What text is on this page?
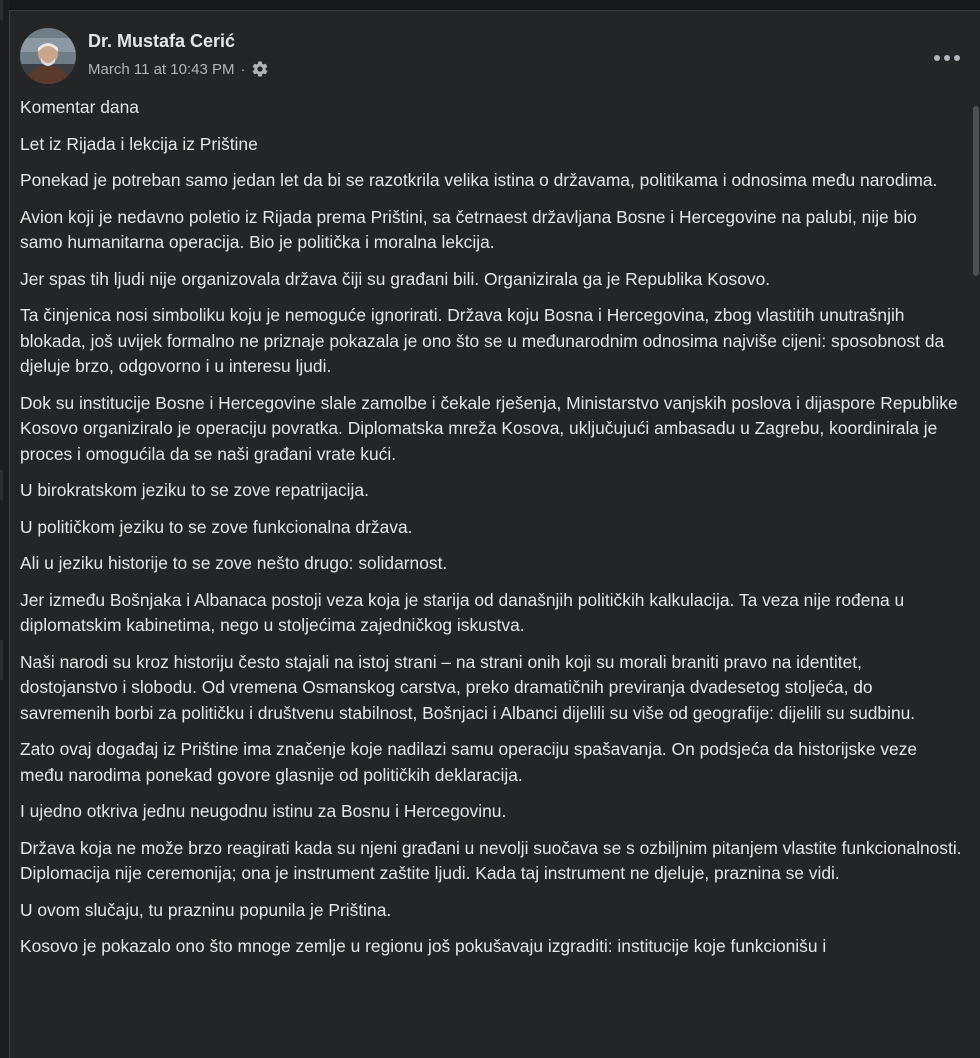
Dr. Mustafa Cerić
March 11 at 10:43 PM ·

Komentar dana

Let iz Rijada i lekcija iz Prištine

Ponekad je potreban samo jedan let da bi se razotkrila velika istina o državama, politikama i odnosima među narodima.

Avion koji je nedavno poletio iz Rijada prema Prištini, sa četrnaest državljana Bosne i Hercegovine na palubi, nije bio samo humanitarna operacija. Bio je politička i moralna lekcija.

Jer spas tih ljudi nije organizovala država čiji su građani bili. Organizirala ga je Republika Kosovo.

Ta činjenica nosi simboliku koju je nemoguće ignorirati. Država koju Bosna i Hercegovina, zbog vlastitih unutrašnjih blokada, još uvijek formalno ne priznaje pokazala je ono što se u međunarodnim odnosima najviše cijeni: sposobnost da djeluje brzo, odgovorno i u interesu ljudi.

Dok su institucije Bosne i Hercegovine slale zamolbe i čekale rješenja, Ministarstvo vanjskih poslova i dijaspore Republike Kosovo organiziralo je operaciju povratka. Diplomatska mreža Kosova, uključujući ambasadu u Zagrebu, koordinirala je proces i omogućila da se naši građani vrate kući.

U birokratskom jeziku to se zove repatrijacija.

U političkom jeziku to se zove funkcionalna država.

Ali u jeziku historije to se zove nešto drugo: solidarnost.

Jer između Bošnjaka i Albanaca postoji veza koja je starija od današnjih političkih kalkulacija. Ta veza nije rođena u diplomatskim kabinetima, nego u stoljećima zajedničkog iskustva.

Naši narodi su kroz historiju često stajali na istoj strani – na strani onih koji su morali braniti pravo na identitet, dostojanstvo i slobodu. Od vremena Osmanskog carstva, preko dramatičnih previranja dvadesetog stoljeća, do savremenih borbi za političku i društvenu stabilnost, Bošnjaci i Albanci dijelili su više od geografije: dijelili su sudbinu.

Zato ovaj događaj iz Prištine ima značenje koje nadilazi samu operaciju spašavanja. On podsjeća da historijske veze među narodima ponekad govore glasnije od političkih deklaracija.

I ujedno otkriva jednu neugodnu istinu za Bosnu i Hercegovinu.

Država koja ne može brzo reagirati kada su njeni građani u nevolji suočava se s ozbiljnim pitanjem vlastite funkcionalnosti. Diplomacija nije ceremonija; ona je instrument zaštite ljudi. Kada taj instrument ne djeluje, praznina se vidi.

U ovom slučaju, tu prazninu popunila je Priština.

Kosovo je pokazalo ono što mnoge zemlje u regionu još pokušavaju izgraditi: institucije koje funkcionišu i
